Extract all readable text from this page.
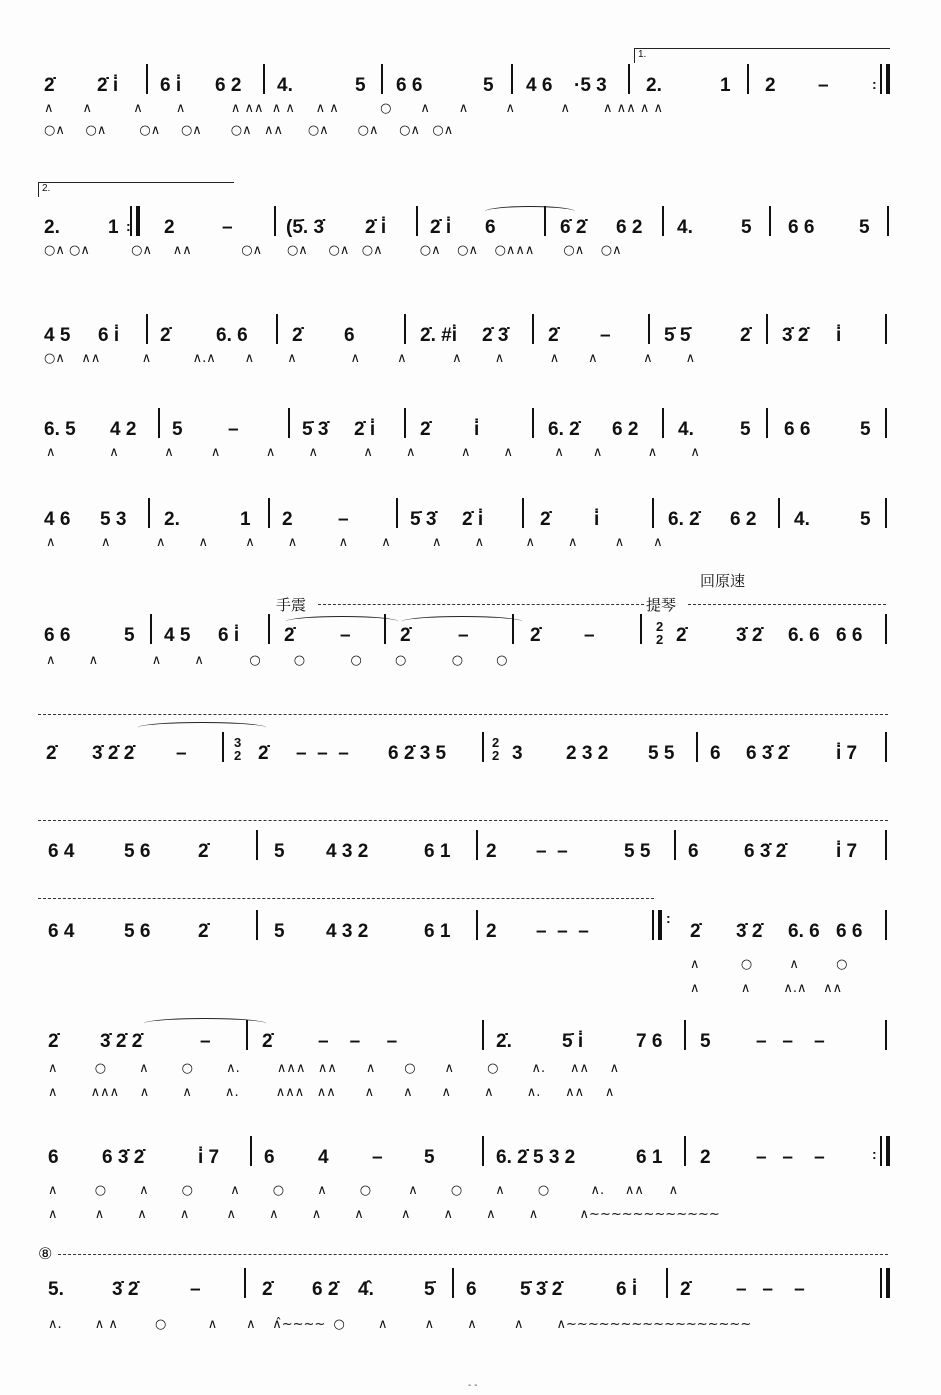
2̇ 2̇ i̇ 6 i̇ 6 2 4.	5 6 6	5 4 6 ·5 3
1.
2.	1 2 –	:

∧       ∧          ∧        ∧           ∧ ∧∧  ∧ ∧     ∧ ∧          ○       ∧       ∧         ∧           ∧        ∧ ∧∧ ∧ ∧
○∧     ○∧        ○∧     ○∧       ○∧   ∧∧      ○∧       ○∧     ○∧   ○∧
2.
2.	1 : 2 –	(5̇. 3̇ 2̇ i̇ 2̇ i̇ 6	6̇ 2̇ 6 2 4.	5 6 6 5
○∧ ○∧          ○∧     ∧∧            ○∧      ○∧     ○∧   ○∧         ○∧    ○∧    ○∧∧∧       ○∧    ○∧
4 5 6 i̇ 2̇ 6. 6 2̇ 6	2̇. #i̇ 2̇ 3̇ 2̇ –	5̇ 5̇	2̇ 3̇ 2̇ i̇
○∧    ∧∧          ∧          ∧.∧       ∧        ∧             ∧         ∧           ∧        ∧           ∧       ∧           ∧        ∧
6. 5 4 2 5 –	5̇ 3̇ 2̇ i̇ 2̇ i̇	6. 2̇ 6 2 4. 5 6 6	5
∧             ∧           ∧         ∧           ∧        ∧           ∧        ∧           ∧        ∧          ∧       ∧           ∧        ∧
4 6 5 3 2.	1 2 –	5̇ 3̇ 2̇ i̇	2̇ i̇	6. 2̇ 6 2 4.	5
∧           ∧           ∧        ∧         ∧        ∧          ∧        ∧          ∧        ∧          ∧        ∧         ∧       ∧
回原速
手震	提琴
6 6	5 4 5 6 i̇ 2̇ –	2̇ –	2̇ –	2
2 2̇	3̇ 2̇ 6. 6 6 6
∧        ∧             ∧        ∧           ○        ○           ○        ○           ○        ○
2̇ 3̇ 2̇ 2̇ –
3
2 2̇ –  –  – 6 2̇ 3 5
2
2 3 2 3 2 5 5 6 6 3̇ 2̇	i̇ 7
6 4	5 6	2̇	5 4 3 2	6 1 2 –  –	5 5 6 6 3̇ 2̇	i̇ 7
6 4	5 6	2̇	5 4 3 2	6 1 2 –  –  –
:
2̇ 3̇ 2̇ 6. 6 6 6
∧          ○         ∧         ○
∧          ∧        ∧.∧    ∧∧
2̇ 3̇ 2̇ 2̇	–	2̇ –    –     –	2̇.	5̇ i̇	7 6 5 –   –    –
∧         ○        ∧        ○        ∧.         ∧∧∧   ∧∧       ∧       ○       ∧        ○        ∧.      ∧∧     ∧
∧        ∧∧∧     ∧        ∧        ∧.         ∧∧∧   ∧∧       ∧       ∧       ∧        ∧        ∧.      ∧∧     ∧
6 6 3̇ 2̇	i̇ 7 6 4 – 5	6. 2̇ 5 3 2	6 1 2 –   –    –	:
∧         ○        ∧        ○         ∧        ○        ∧        ○         ∧        ○        ∧        ○          ∧.     ∧∧      ∧
∧         ∧        ∧        ∧         ∧        ∧        ∧        ∧         ∧        ∧        ∧        ∧          ∧~~~~~~~~~~~~
⑧
5.	3̇ 2̇	–	2̇ 6 2̇ 4̂.	5̇ 6 5̇ 3̇ 2̇	6 i̇ 2̇ –   –    –
∧.        ∧ ∧         ○          ∧       ∧    ∧̂~~~~  ○        ∧         ∧        ∧         ∧        ∧~~~~~~~~~~~~~~~~~
- -
